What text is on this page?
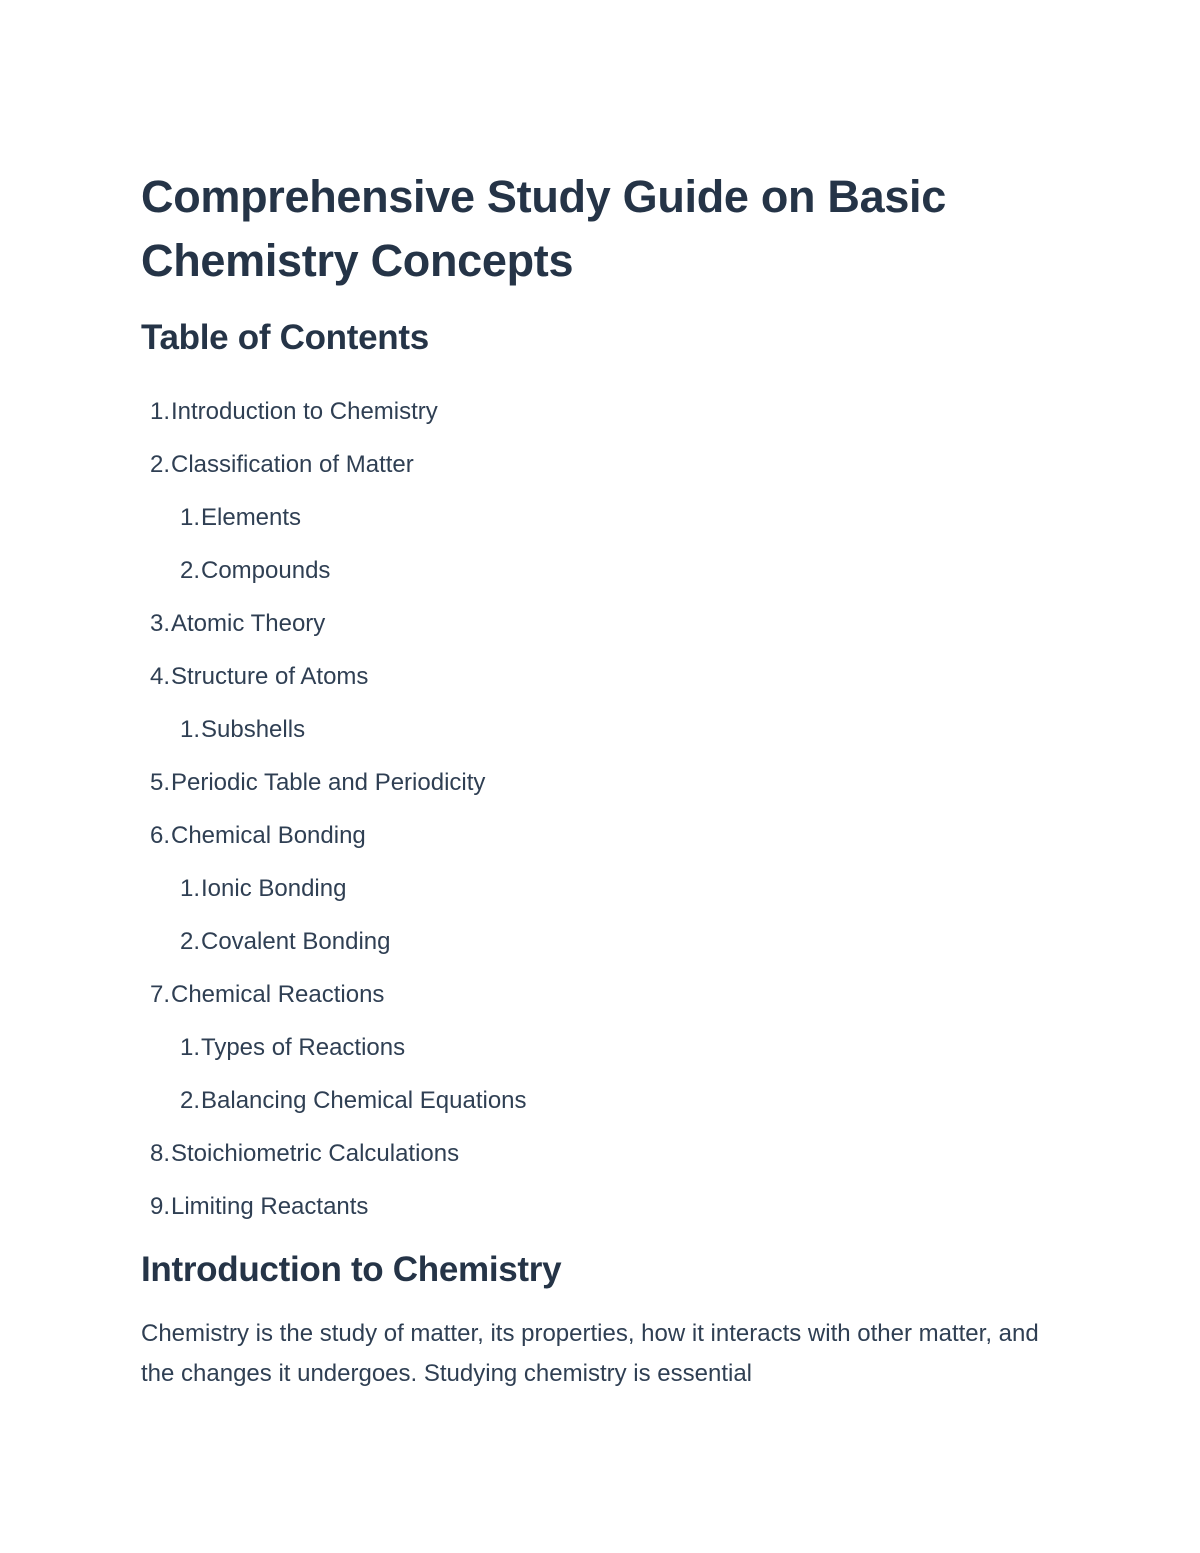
Comprehensive Study Guide on Basic Chemistry Concepts
Table of Contents
1.Introduction to Chemistry
2.Classification of Matter
1.Elements
2.Compounds
3.Atomic Theory
4.Structure of Atoms
1.Subshells
5.Periodic Table and Periodicity
6.Chemical Bonding
1.Ionic Bonding
2.Covalent Bonding
7.Chemical Reactions
1.Types of Reactions
2.Balancing Chemical Equations
8.Stoichiometric Calculations
9.Limiting Reactants
Introduction to Chemistry

Chemistry is the study of matter, its properties, how it interacts with other matter, and the changes it undergoes. Studying chemistry is essential
